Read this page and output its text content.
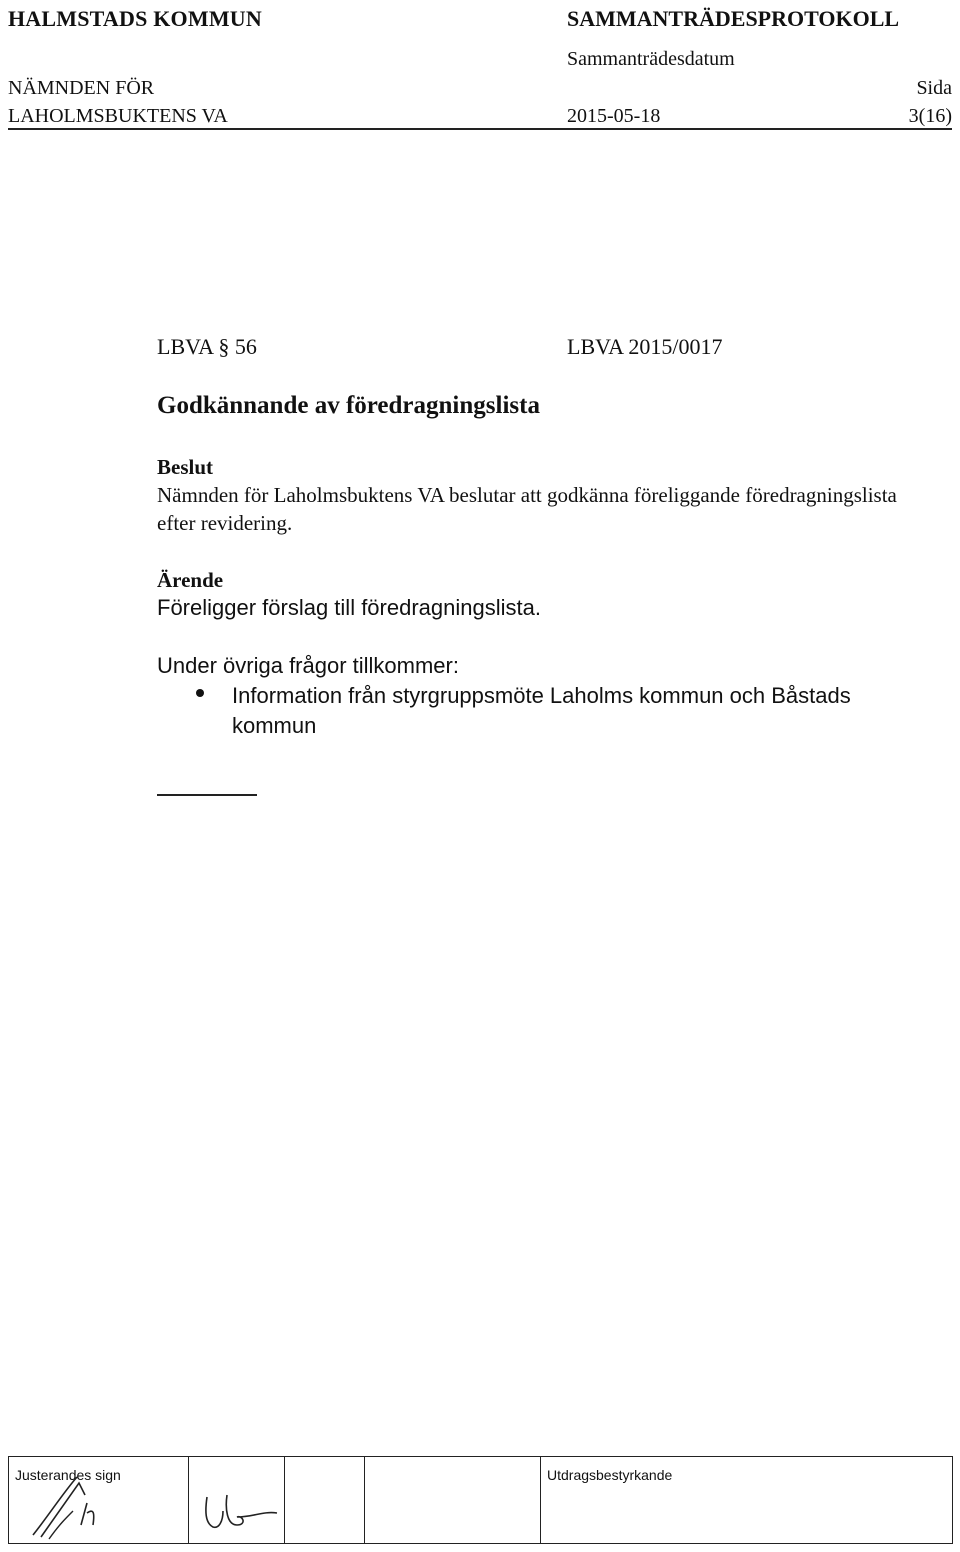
HALMSTADS KOMMUN	SAMMANTRÄDESPROTOKOLL
Sammanträdesdatum
NÄMNDEN FÖR
LAHOLMSBUKTENS VA
Sida
2015-05-18	3(16)
LBVA § 56	LBVA 2015/0017
Godkännande av föredragningslista
Beslut
Nämnden för Laholmsbuktens VA beslutar att godkänna föreliggande föredragningslista efter revidering.
Ärende
Föreligger förslag till föredragningslista.
Under övriga frågor tillkommer:
Information från styrgruppsmöte Laholms kommun och Båstads kommun
Justerandes sign	Utdragsbestyrkande
